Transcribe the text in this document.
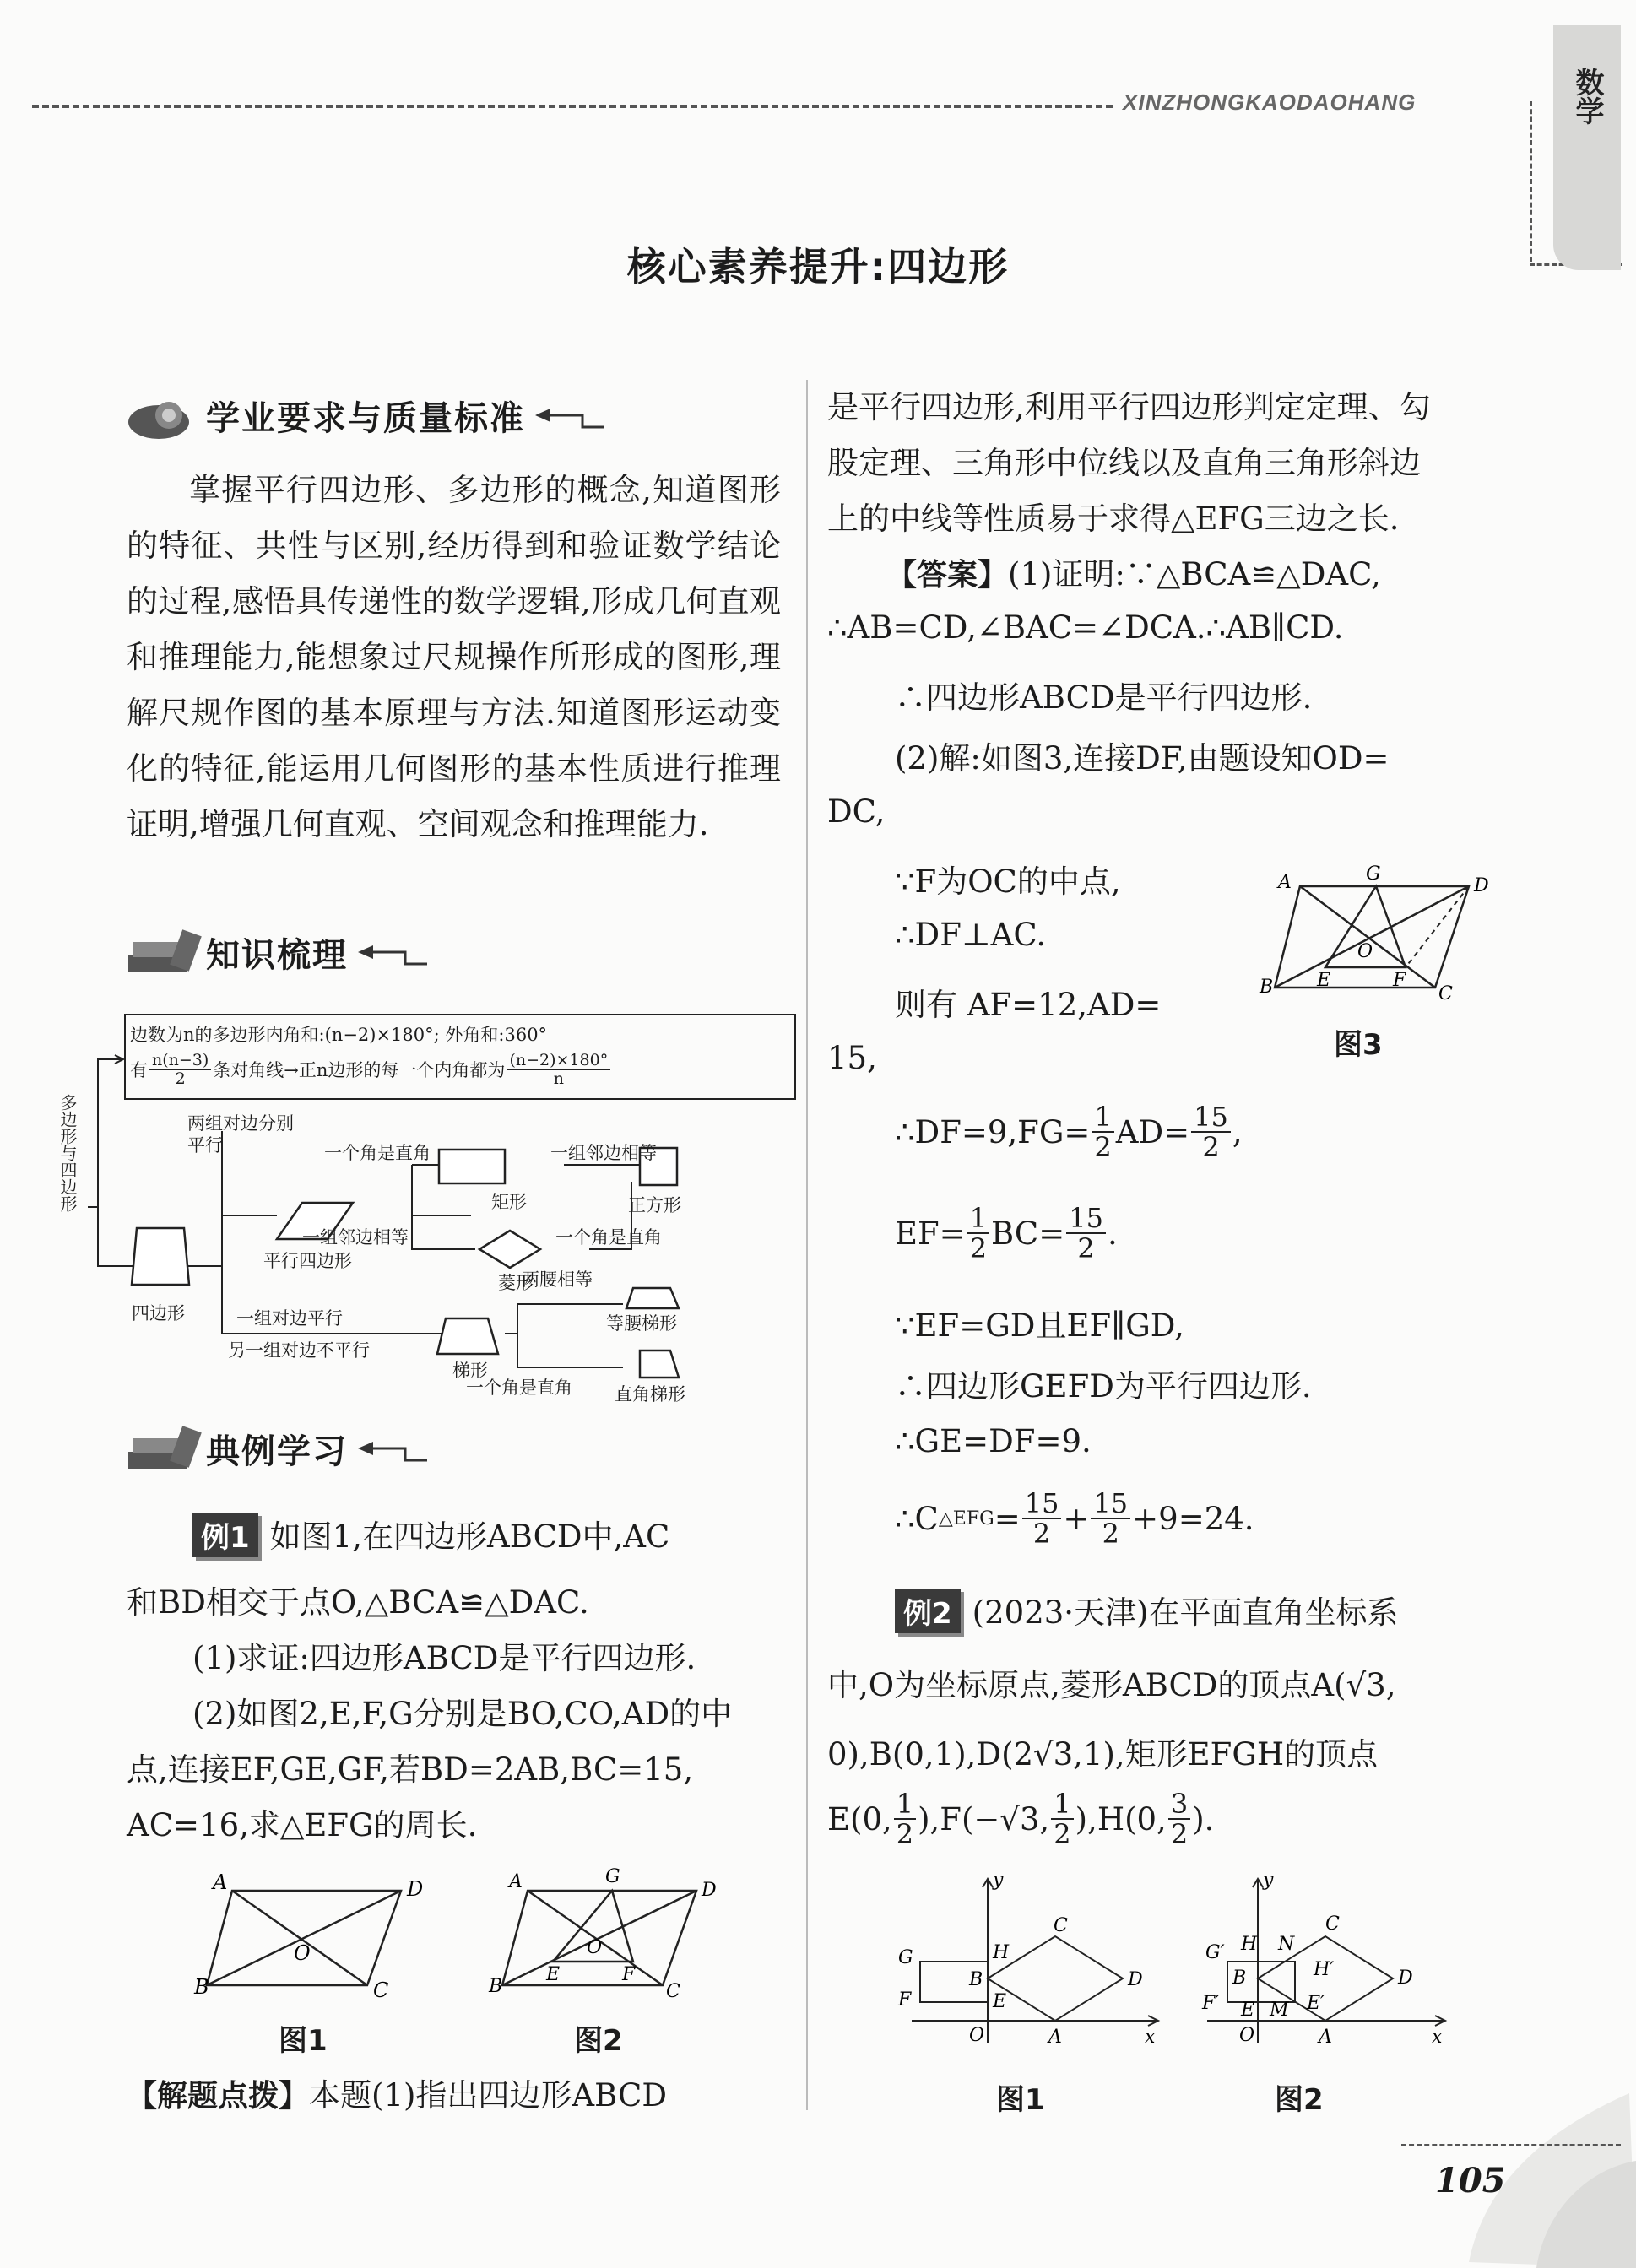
XINZHONGKAODAOHANG	数学
核心素养提升:四边形
学业要求与质量标准
掌握平行四边形、多边形的概念,知道图形的特征、共性与区别,经历得到和验证数学结论的过程,感悟具传递性的数学逻辑,形成几何直观和推理能力,能想象过尺规操作所形成的图形,理解尺规作图的基本原理与方法.知道图形运动变化的特征,能运用几何图形的基本性质进行推理证明,增强几何直观、空间观念和推理能力.
知识梳理
多边形与四边形
边数为n的多边形内角和:(n−2)×180°; 外角和:360°
有 $\frac{n(n-3)}{2}$ 条对角线→正n边形的每一个内角都为 $\frac{(n-2)\times 180^\circ}{n}$
两组对边分别平行
平行四边形
一个角是直角
矩形
一组邻边相等
正方形
一组邻边相等
菱形
一个角是直角
四边形	一组对边平行
另一组对边不平行
梯形
两腰相等
等腰梯形
一个角是直角 直角梯形
典例学习
例1 如图1,在四边形ABCD中,AC
和BD相交于点O,△BCA≌△DAC.
(1)求证:四边形ABCD是平行四边形.
(2)如图2,E,F,G分别是BO,CO,AD的中
点,连接EF,GE,GF,若BD=2AB,BC=15,
AC=16,求△EFG的周长.
A	D
B	C
O
图1
A	G
D
B	C
O
E	F
图2
【解题点拨】本题(1)指出四边形ABCD
是平行四边形,利用平行四边形判定定理、勾
股定理、三角形中位线以及直角三角形斜边
上的中线等性质易于求得△EFG三边之长.
【答案】(1)证明:∵△BCA≌△DAC,
∴AB=CD,∠BAC=∠DCA.∴AB∥CD.
∴四边形ABCD是平行四边形.
(2)解:如图3,连接DF,由题设知OD=
DC,
∵F为OC的中点,
∴DF⊥AC.
则有 AF=12,AD=
15,
A	G
D
B	C
O
E	F
图3
∴DF=9,FG= $\frac{1}{2} AD= \frac{15}{2}$ ,
$EF= \frac{1}{2} BC= \frac{15}{2}$ .
∵EF=GD且EF∥GD,
∴四边形GEFD为平行四边形.
∴GE=DF=9.
∴C △EFG = $\frac{15}{2} + \frac{15}{2} +9=24$.
例2 (2023·天津)在平面直角坐标系
中,O为坐标原点,菱形ABCD的顶点A(√3,
0),B(0,1),D(2√3,1),矩形EFGH的顶点
E(0, $\frac{1}{2} ),F(-√3$, $\frac{1}{2} ),H(0$, $\frac{3}{2}$ ).
y
x
O	A
B
C
D
G
F
H
E
图1
y
x
O	A
B
C
D
G′
F′
H N
H′
E M E′
图2
105
